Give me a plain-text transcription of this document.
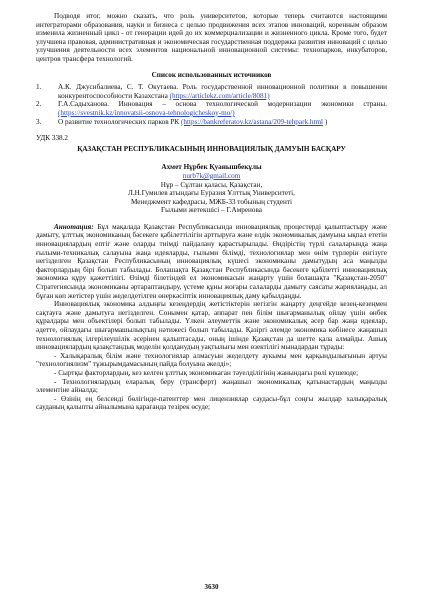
Подводя итог, можно сказать, что роль университетов, которые теперь считаются настоящими интеграторами образования, науки и бизнеса с целью продвижения всех этапов инноваций, коренным образом изменила жизненный цикл - от генерации идей до их коммерциализации и жизненного цикла. Кроме того, будет улучшена правовая, административная и экономическая государственная поддержка развития инноваций с целью улучшения деятельности всех элементов национальной инновационной системы: технопарков, инкубаторов, центров трансфера технологий.

Список использованных источников

1.	А.К. Джусибалиева, С. Т. Окутаева. Роль государственной инновационной политики в повышении конкурентоспособности Казахстана (https://articlekz.com/article/8081)
2.	Г.А.Садыханова. Инновация – основа технологической модернизации экономики страны. (https://svestnik.kz/innovatsii-osnova-tehnologicheskoy-mo/)
3.	О развитие технологических парков РК (https://bankreferatov.kz/astana/209-tehpark.html )

УДК 338.2

ҚАЗАҚСТАН РЕСПУБЛИКАСЫНЫҢ ИННОВАЦИЯЛЫҚ ДАМУЫН БАСҚАРУ

Ахмет Нұрбек Қуанышбекұлы

nurb7k@gmail.com

Нұр – Сұлтан қаласы, Қазақстан,

Л.Н.Гумилев атындағы Еуразия Ұлттық Университеті,

Менеджмент кафедрасы, МЖБ-33 тобының студенті

Ғылыми жетекшісі – Г.Амренова

Аннотация: Бұл мақалада Қазақстан Республикасында инновациялық процестерді қалыптастыру және дамыту, ұлттық экономиканың бәсекеге қабілеттілігін арттыруға және елдік экономикалық дамуына ықпал ететін инновациялардың ептіг және оларды тиімді пайдалану қарастырылады. Өндірістің түрлі салаларында жаңа ғылыми-техникалық салауына жаңа идеяларды, ғылыми білімді, технологиялар мен өнім түрлерін енгізуге негізделген Қазақстан Республикасының инновациялық күшесі экономиканы дамытудың аса маңызды факторлардың бірі болып табылады. Болашақта Қазақстан Республикасында бәсекеге қабілетті инновациялық экономика құру қажеттілігі. Өзімді білетіндей ел экономикасын жаңарту үшін болашақта "Қазақстан-2050" Стратегиясында экономиканы әртараптандыру, үстеме құны жоғары салаларды дамыту саясаты жариялаңады, ал бұған көп жетістер үшін жеделдетілген өнеркәсіптік инновациялық даму қабылдаңды.

Инновациялық экономика алдыңғы кезеңдердің жетістіктерін негізгін жаңарту деңгейде кезең-кезеңмен сақтауға және дамытуға негізделген. Сонымен қатар, аппарат пен білім шығарманылық ойлау үшін өнбек құралдары мен объектілері болып табылады. Үлкен әлеуметтік және экономикалық әсер бар жаңа идеялар, әдетте, ойлаудағы шығармашылықтың нәтижесі болып табылады. Қазіргі әлемде экономика көбінесе жаңашыл технологиялық ілгерілеушілік әсерінен қалыптасады, оның ішінде Қазақстан да шетте қала алмайды. Ашық инновациялардың қазақстандық моделін қолданудың уақтылығы мен өзектілігі мынадардан тұрады:

- Халықаралық білім және технологиялар алмасуын жеделдету аукымы мен қарқындылығынын артуы "технологиялизм" тұжырымдамасының пайда болуына әкелді»;

- Сыртқы факторлардың, кез келген ұлттық экономикаган тәуелділігінің жанындағы рөлі кушеюде;

- Технологиялардың еларалық беру (трансферт) жаңашыл экономикалық қатынастардың маңызды элементіне айналда;

- Өзінің ең белсенді бөлігінде-патенттер мен лицензиялар саудасы-бұл соңғы жылдар халықаралық сауданың қалыпты айналымына қарағанда тезірек өсуде;

3630
